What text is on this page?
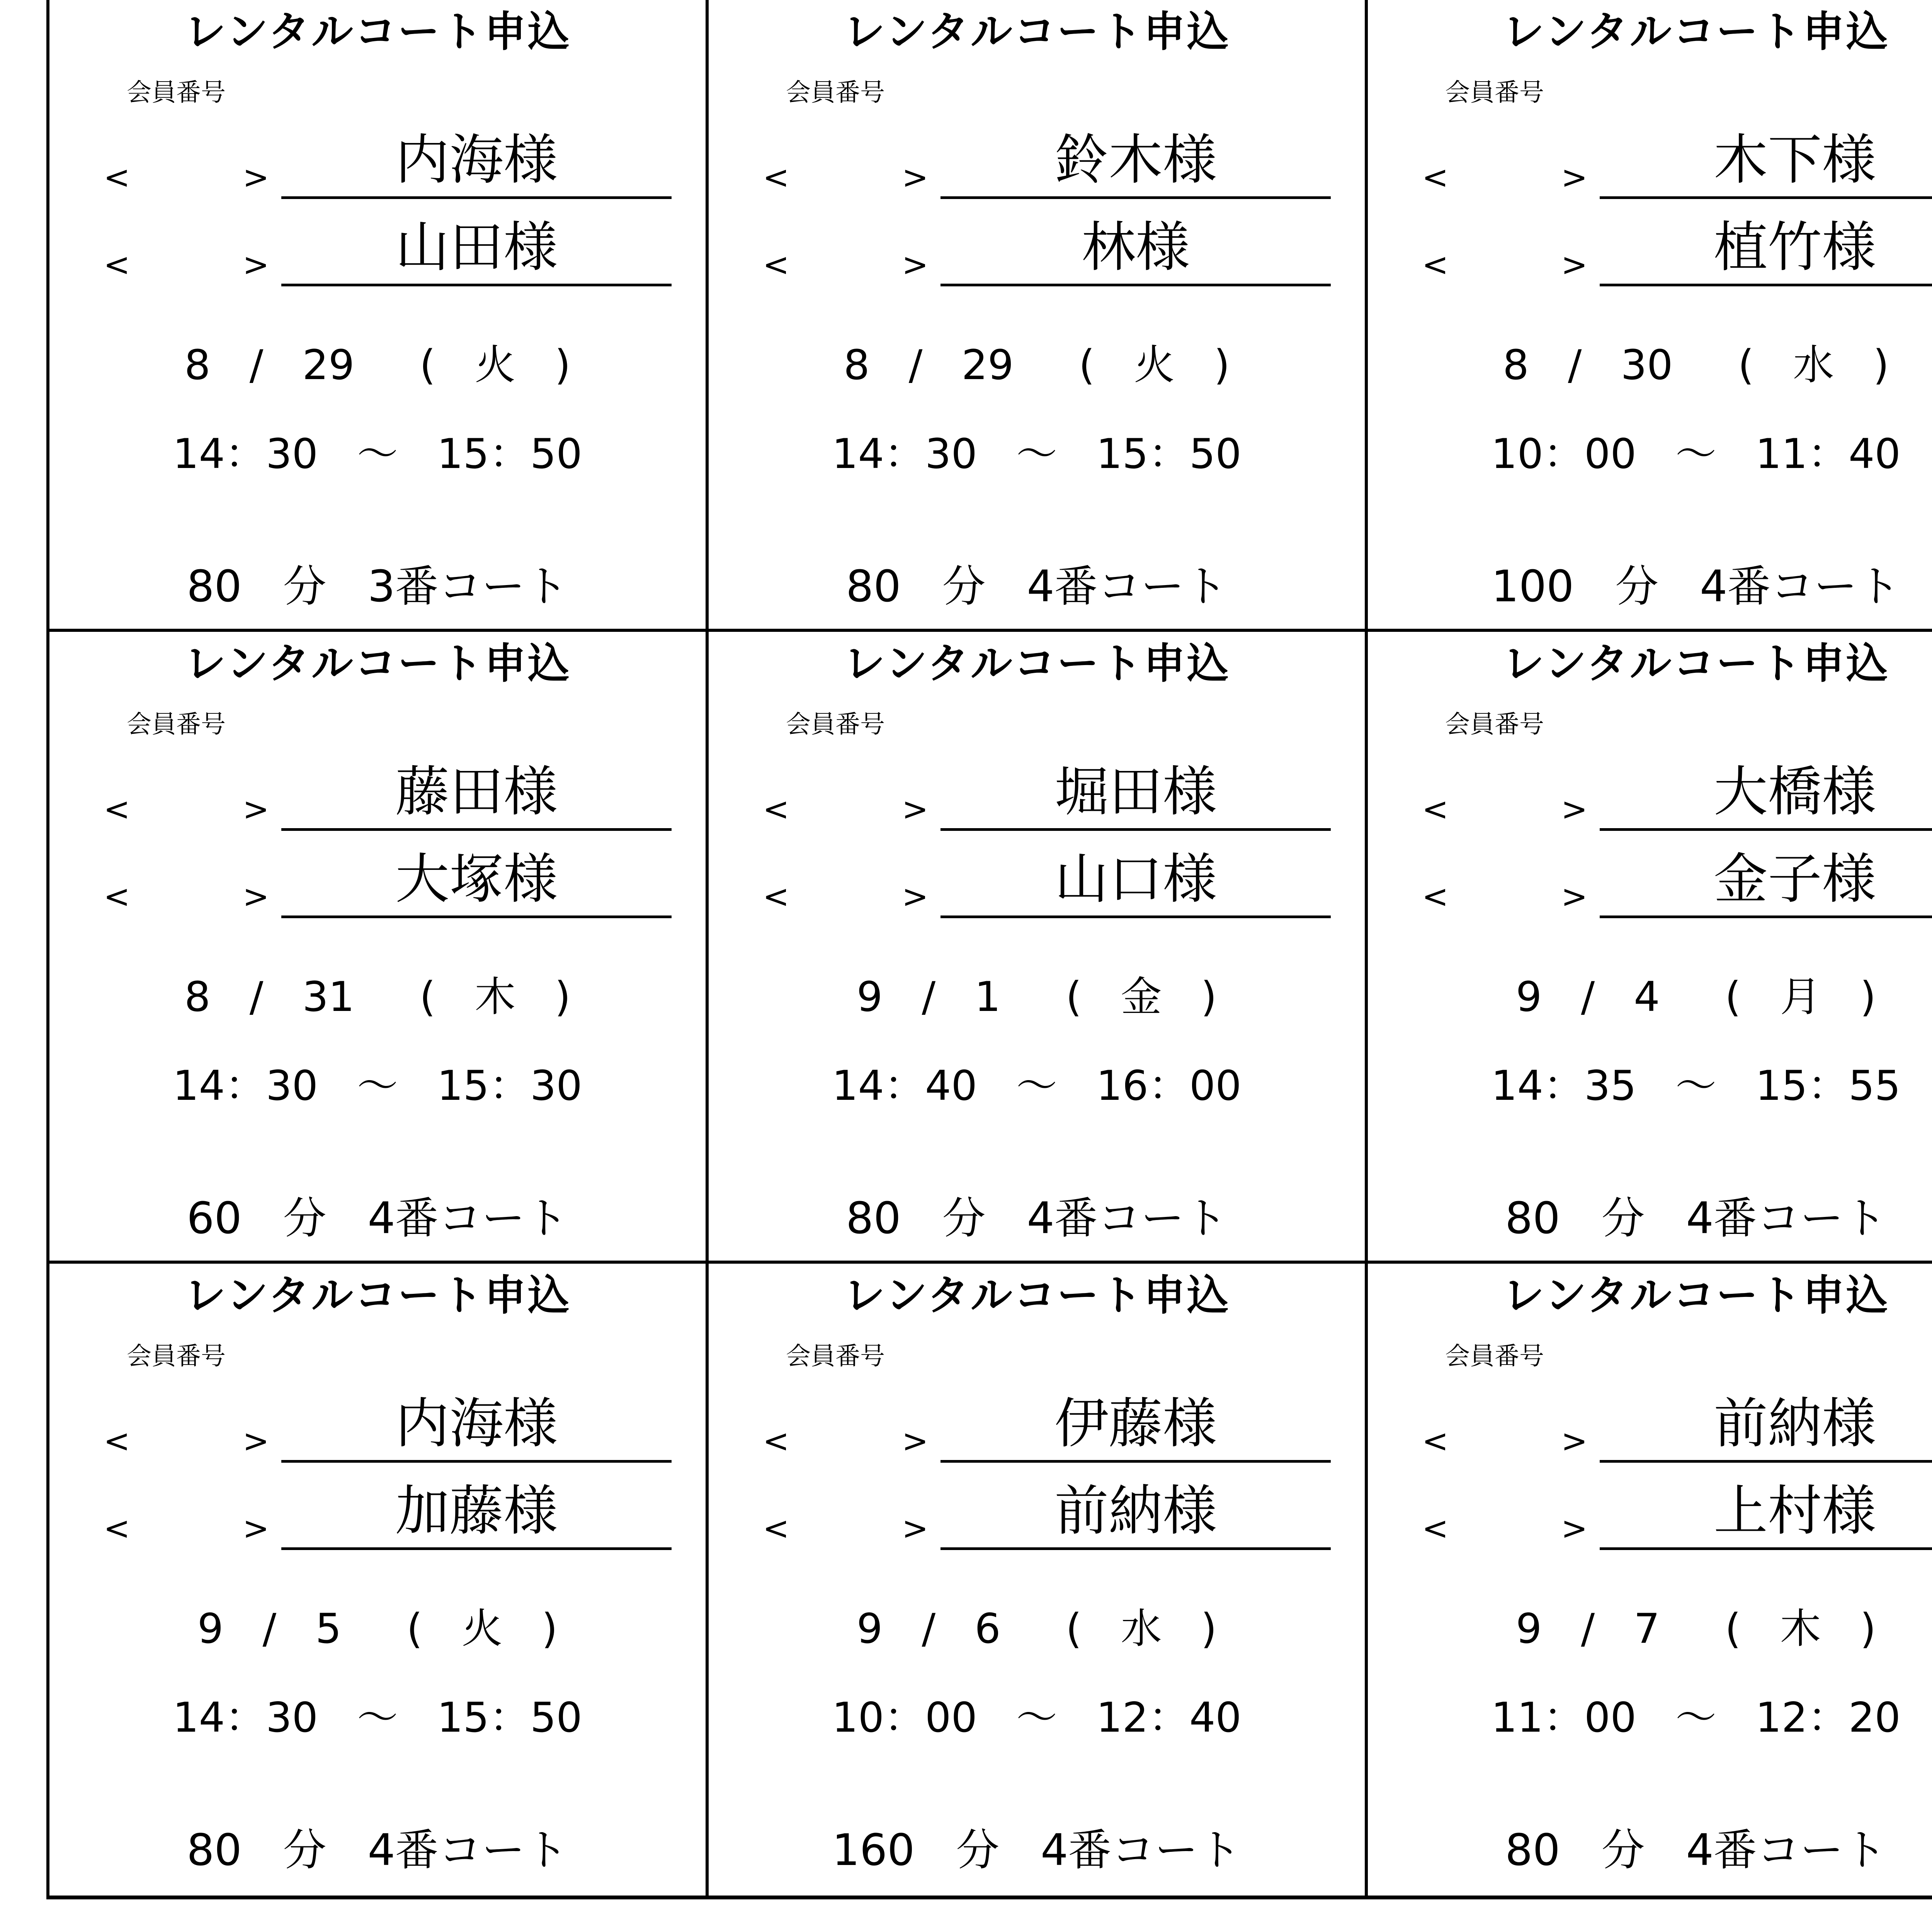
レンタルコート申込
会員番号
<	>	内海様
<	>	山田様
8   /   29     (   火   )
14：30   ～   15：50
80 分 3番コート
レンタルコート申込
会員番号
<	>	鈴木様
<	>	林様
8   /   29     (   火   )
14：30   ～   15：50
80 分 4番コート
レンタルコート申込
会員番号
<	>	木下様
<	>	植竹様
8   /   30     (   水   )
10：00   ～   11：40
100 分 4番コート

レンタルコート申込
会員番号
<	>	藤田様
<	>	大塚様
8   /   31     (   木   )
14：30   ～   15：30
60 分 4番コート
レンタルコート申込
会員番号
<	>	堀田様
<	>	山口様
9   /   1     (   金   )
14：40   ～   16：00
80 分 4番コート
レンタルコート申込
会員番号
<	>	大橋様
<	>	金子様
9   /   4     (   月   )
14：35   ～   15：55
80 分 4番コート

レンタルコート申込
会員番号
<	>	内海様
<	>	加藤様
9   /   5     (   火   )
14：30   ～   15：50
80 分 4番コート
レンタルコート申込
会員番号
<	>	伊藤様
<	>	前納様
9   /   6     (   水   )
10：00   ～   12：40
160 分 4番コート
レンタルコート申込
会員番号
<	>	前納様
<	>	上村様
9   /   7     (   木   )
11：00   ～   12：20
80 分 4番コート
